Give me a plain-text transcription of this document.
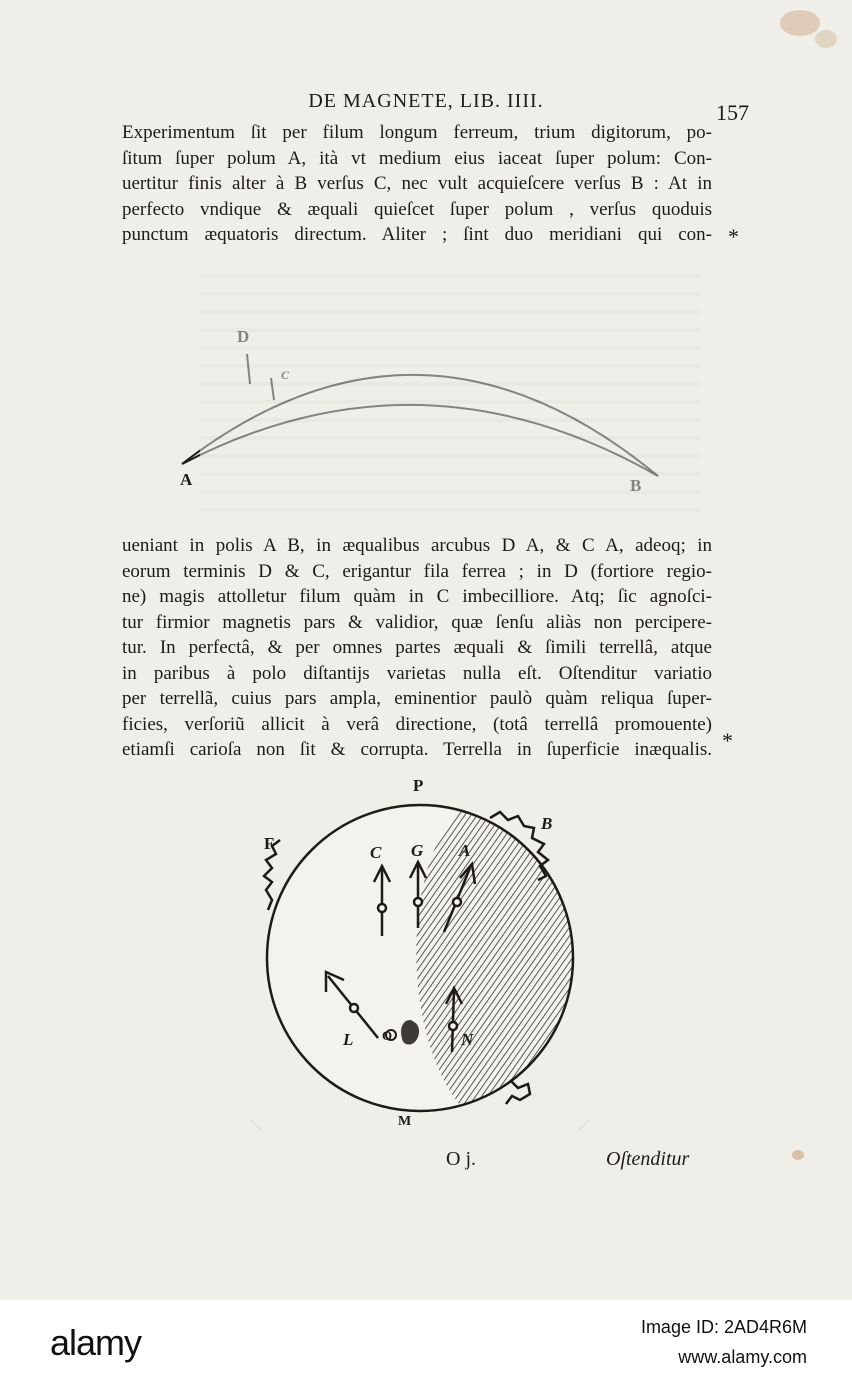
DE MAGNETE, LIB. IIII.	157
Experimentum ſit per filum longum ferreum, trium digitorum, po-
ſitum ſuper polum A, ità vt medium eius iaceat ſuper polum: Con-
uertitur finis alter à B verſus C, nec vult acquieſcere verſus B : At in
perfecto vndique & æquali quieſcet ſuper polum , verſus quoduis
punctum æquatoris directum. Aliter ; ſint duo meridiani qui con- *
A
ueniant in polis A B, in æqualibus arcubus D A, & C A, adeoq; in
eorum terminis D & C, erigantur fila ferrea ; in D (fortiore regio-
ne) magis attolletur filum quàm in C imbecilliore. Atq; ſic agnoſci-
tur firmior magnetis pars & validior, quæ ſenſu aliàs non percipere-
tur. In perfectâ, & per omnes partes æquali & ſimili terrellâ, atque
in paribus à polo diſtantijs varietas nulla eſt. Oſtenditur variatio
per terrellã, cuius pars ampla, eminentior paulò quàm reliqua ſuper-
ficies, verſoriũ allicit à verâ directione, (totâ terrellâ promouente)
etiamſi carioſa non ſit & corrupta. Terrella in ſuperficie inæqualis. *
P
B
F	C G A
L O	N
M
O j.	Oſtenditur
alamy	Image ID: 2AD4R6M
www.alamy.com
